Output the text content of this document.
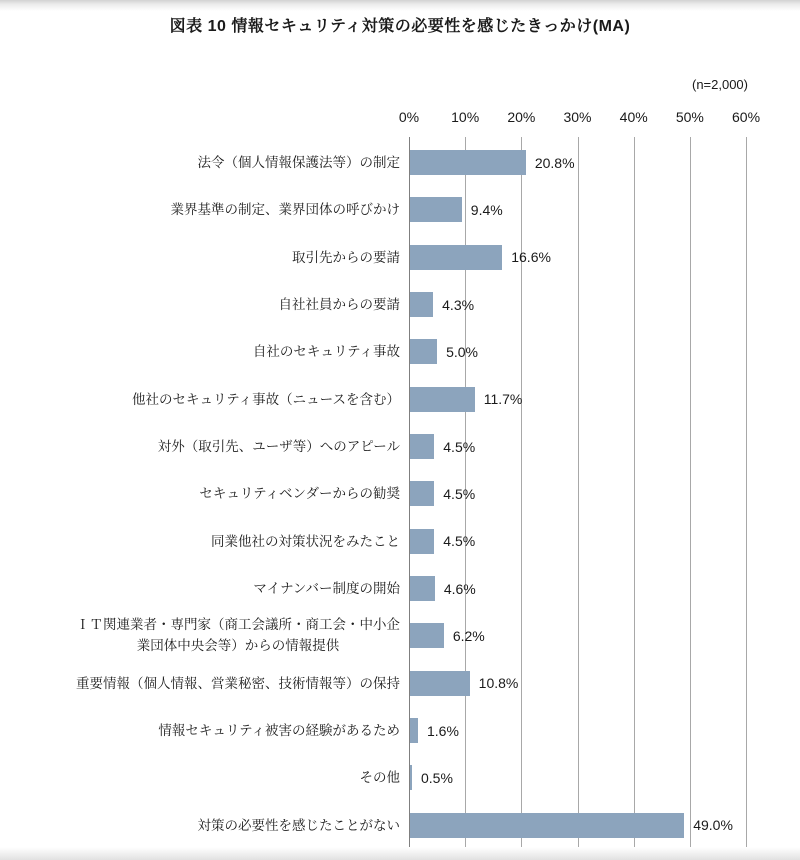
図表 10 情報セキュリティ対策の必要性を感じたきっかけ(MA)
(n=2,000)
0%	10%	20%	30%	40%	50%	60%
法令（個人情報保護法等）の制定	20.8%
業界基準の制定、業界団体の呼びかけ	9.4%
取引先からの要請	16.6%
自社社員からの要請	4.3%
自社のセキュリティ事故	5.0%
他社のセキュリティ事故（ニュースを含む）	11.7%
対外（取引先、ユーザ等）へのアピール	4.5%
セキュリティベンダーからの勧奨	4.5%
同業他社の対策状況をみたこと	4.5%
マイナンバー制度の開始	4.6%
ＩＴ関連業者・専門家（商工会議所・商工会・中小企
業団体中央会等）からの情報提供
6.2%
重要情報（個人情報、営業秘密、技術情報等）の保持	10.8%
情報セキュリティ被害の経験があるため 1.6%
その他 0.5%
対策の必要性を感じたことがない	49.0%
